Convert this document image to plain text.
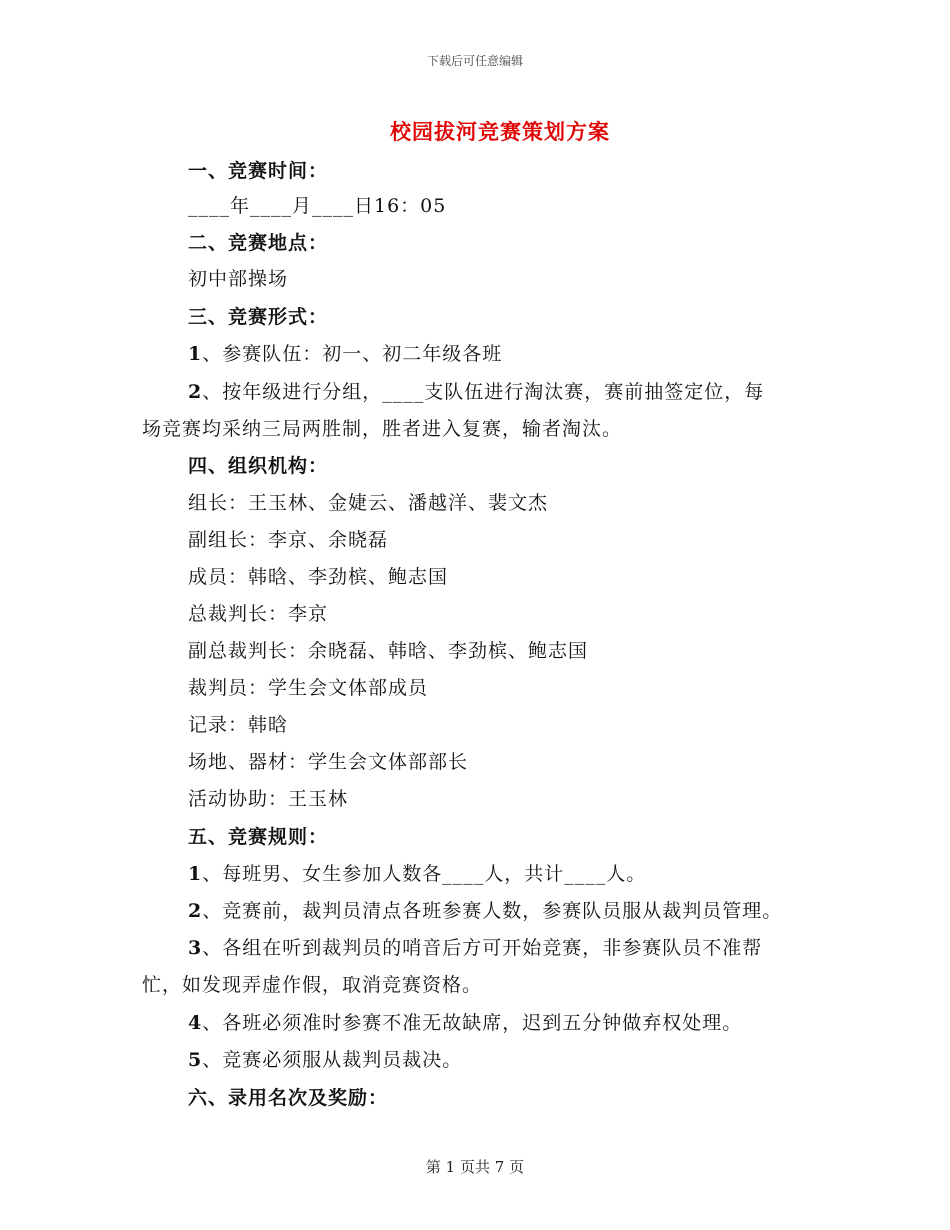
下载后可任意编辑
校园拔河竞赛策划方案
一、竞赛时间：
____年____月____日16：05
二、竞赛地点：
初中部操场
三、竞赛形式：
1、参赛队伍：初一、初二年级各班
2、按年级进行分组，____支队伍进行淘汰赛，赛前抽签定位，每
场竞赛均采纳三局两胜制，胜者进入复赛，输者淘汰。
四、组织机构：
组长：王玉林、金婕云、潘越洋、裴文杰
副组长：李京、余晓磊
成员：韩晗、李劲槟、鲍志国
总裁判长：李京
副总裁判长：余晓磊、韩晗、李劲槟、鲍志国
裁判员：学生会文体部成员
记录：韩晗
场地、器材：学生会文体部部长
活动协助：王玉林
五、竞赛规则：
1、每班男、女生参加人数各____人，共计____人。
2、竞赛前，裁判员清点各班参赛人数，参赛队员服从裁判员管理。
3、各组在听到裁判员的哨音后方可开始竞赛，非参赛队员不准帮
忙，如发现弄虚作假，取消竞赛资格。
4、各班必须准时参赛不准无故缺席，迟到五分钟做弃权处理。
5、竞赛必须服从裁判员裁决。
六、录用名次及奖励：
第 1 页共 7 页
